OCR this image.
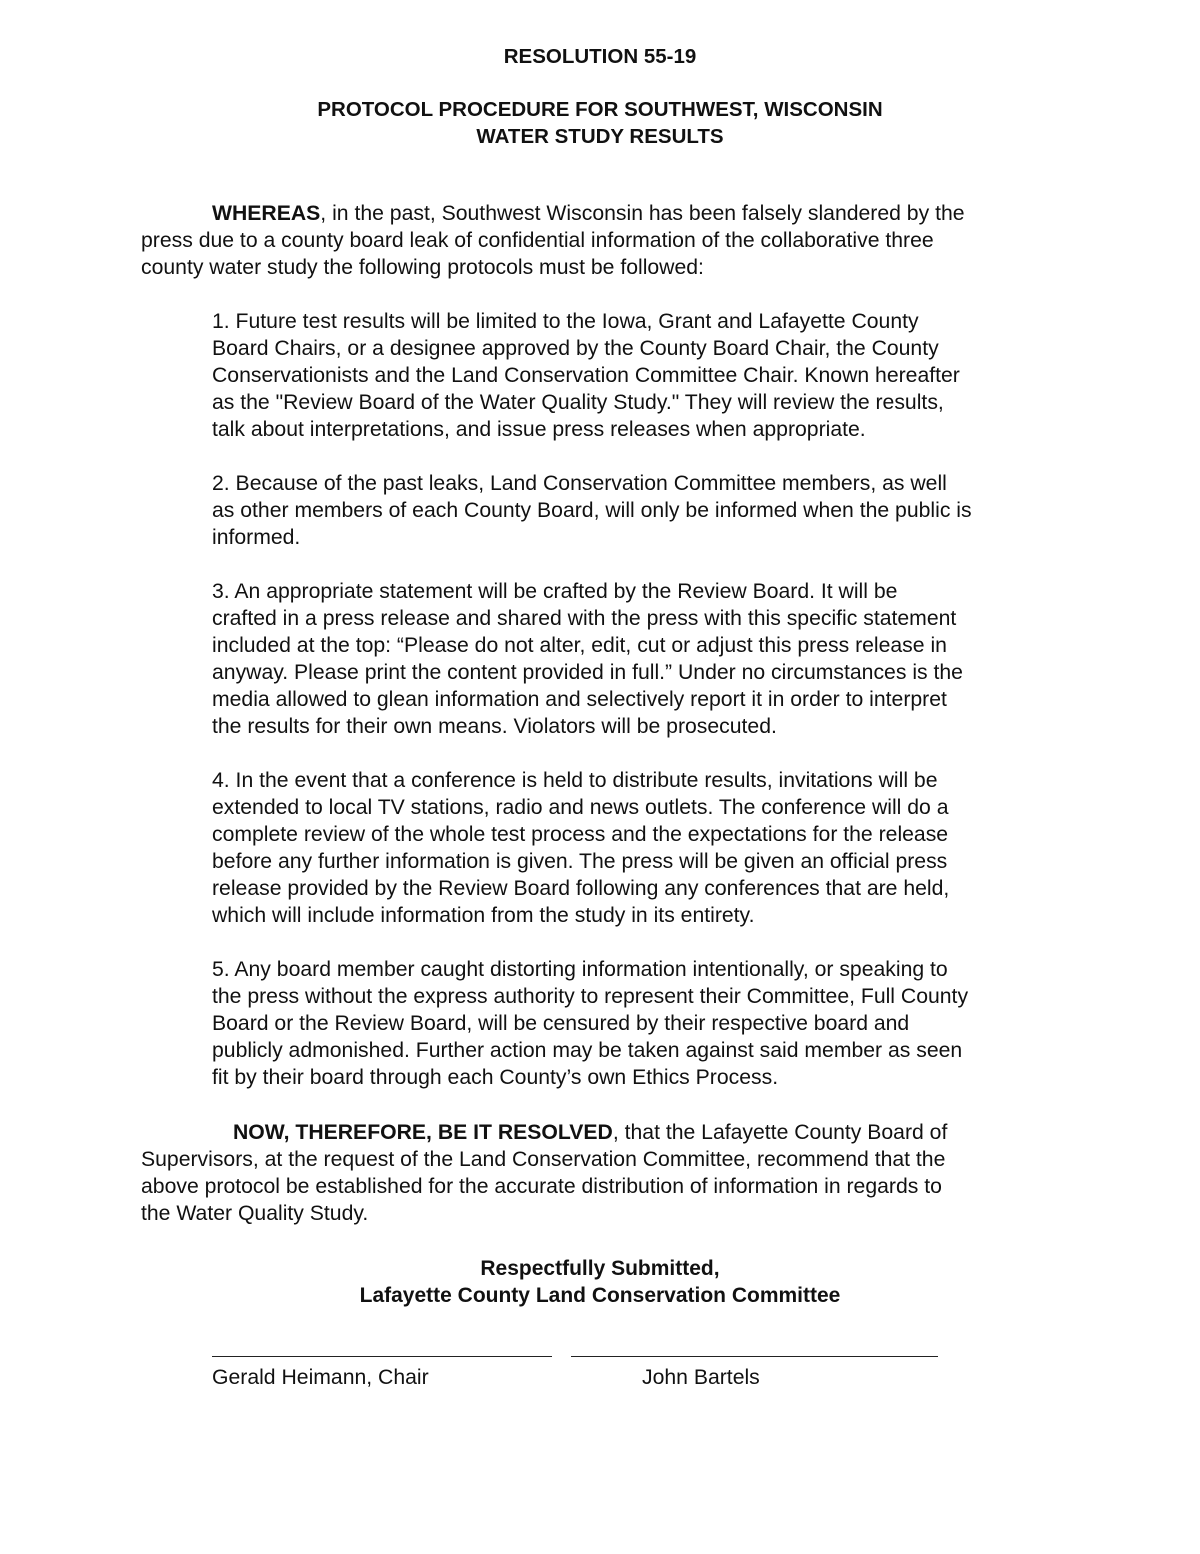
RESOLUTION 55-19
PROTOCOL PROCEDURE FOR SOUTHWEST, WISCONSIN
WATER STUDY RESULTS
WHEREAS, in the past, Southwest Wisconsin has been falsely slandered by the
press due to a county board leak of confidential information of the collaborative three
county water study the following protocols must be followed:
1. Future test results will be limited to the Iowa, Grant and Lafayette County
Board Chairs, or a designee approved by the County Board Chair, the County
Conservationists and the Land Conservation Committee Chair. Known hereafter
as the "Review Board of the Water Quality Study." They will review the results,
talk about interpretations, and issue press releases when appropriate.
2. Because of the past leaks, Land Conservation Committee members, as well
as other members of each County Board, will only be informed when the public is
informed.
3. An appropriate statement will be crafted by the Review Board. It will be
crafted in a press release and shared with the press with this specific statement
included at the top: “Please do not alter, edit, cut or adjust this press release in
anyway. Please print the content provided in full.” Under no circumstances is the
media allowed to glean information and selectively report it in order to interpret
the results for their own means. Violators will be prosecuted.
4. In the event that a conference is held to distribute results, invitations will be
extended to local TV stations, radio and news outlets. The conference will do a
complete review of the whole test process and the expectations for the release
before any further information is given. The press will be given an official press
release provided by the Review Board following any conferences that are held,
which will include information from the study in its entirety.
5. Any board member caught distorting information intentionally, or speaking to
the press without the express authority to represent their Committee, Full County
Board or the Review Board, will be censured by their respective board and
publicly admonished. Further action may be taken against said member as seen
fit by their board through each County’s own Ethics Process.
NOW, THEREFORE, BE IT RESOLVED, that the Lafayette County Board of
Supervisors, at the request of the Land Conservation Committee, recommend that the
above protocol be established for the accurate distribution of information in regards to
the Water Quality Study.
Respectfully Submitted,
Lafayette County Land Conservation Committee
Gerald Heimann, Chair	John Bartels
